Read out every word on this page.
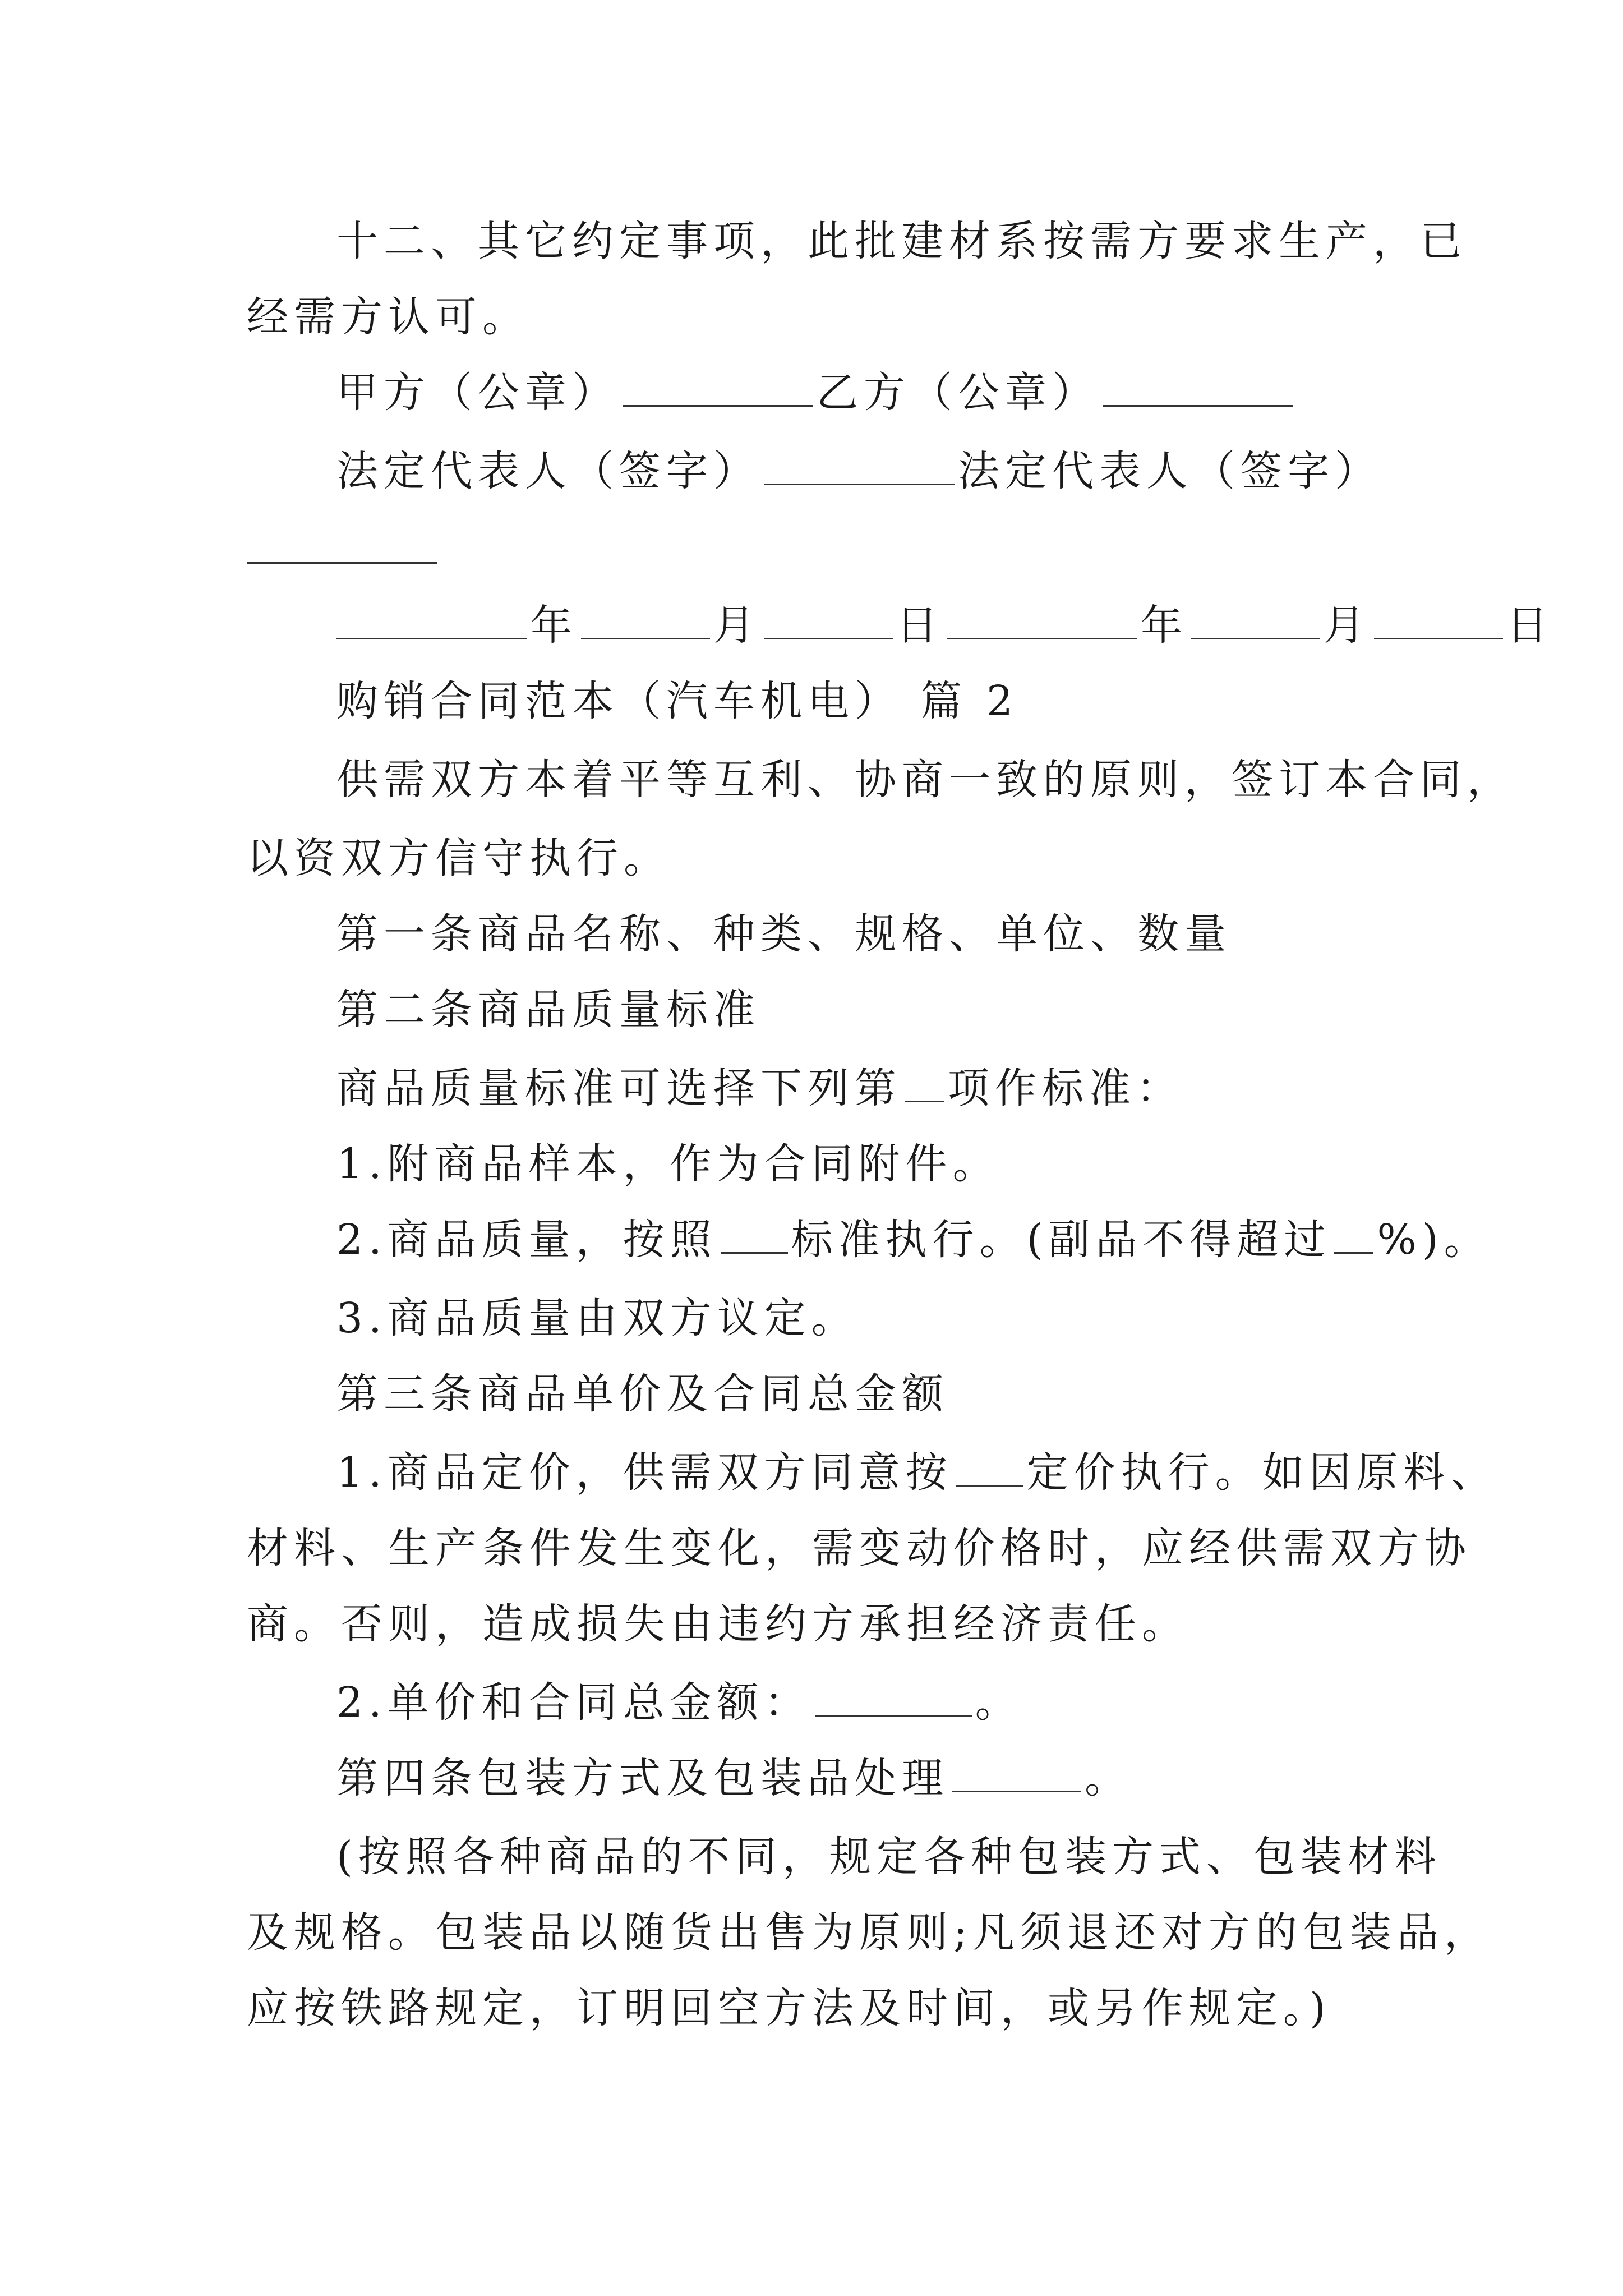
十二、其它约定事项，此批建材系按需方要求生产，已
经需方认可。
甲方（公章）	乙方（公章）
法定代表人（签字）	法定代表人（签字）
年	月	日	年	月	日
购销合同范本（汽车机电） 篇 2
供需双方本着平等互利、协商一致的原则，签订本合同，
以资双方信守执行。
第一条商品名称、种类、规格、单位、数量
第二条商品质量标准
商品质量标准可选择下列第 项作标准：
1.附商品样本，作为合同附件。
2.商品质量，按照 标准执行。(副品不得超过 %)。
3.商品质量由双方议定。
第三条商品单价及合同总金额
1.商品定价，供需双方同意按 定价执行。如因原料、
材料、生产条件发生变化，需变动价格时，应经供需双方协
商。否则，造成损失由违约方承担经济责任。
2.单价和合同总金额：	。
第四条包装方式及包装品处理	。
(按照各种商品的不同，规定各种包装方式、包装材料
及规格。包装品以随货出售为原则;凡须退还对方的包装品，
应按铁路规定，订明回空方法及时间，或另作规定。)
